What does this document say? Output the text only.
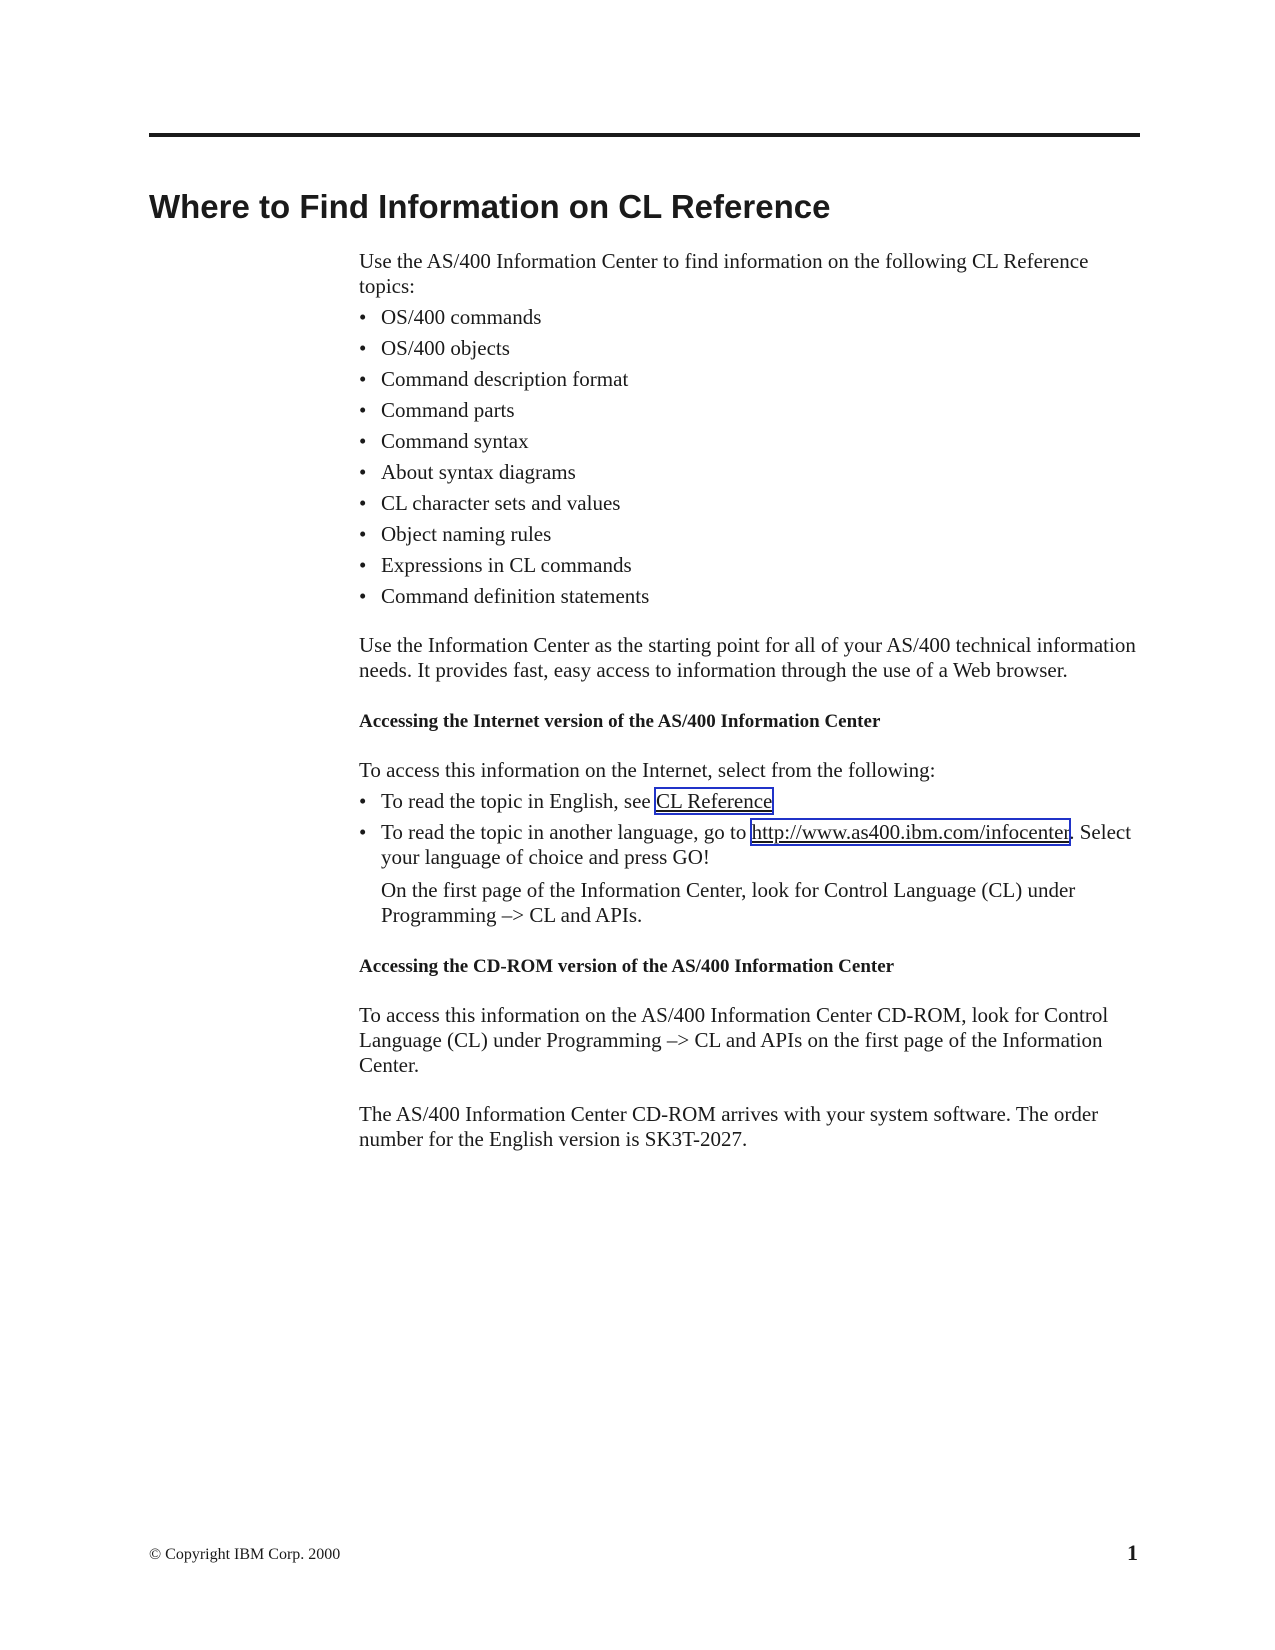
Where to Find Information on CL Reference

Use the AS/400 Information Center to find information on the following CL Reference topics:

• OS/400 commands
• OS/400 objects
• Command description format
• Command parts
• Command syntax
• About syntax diagrams
• CL character sets and values
• Object naming rules
• Expressions in CL commands
• Command definition statements

Use the Information Center as the starting point for all of your AS/400 technical information needs. It provides fast, easy access to information through the use of a Web browser.

Accessing the Internet version of the AS/400 Information Center

To access this information on the Internet, select from the following:

• To read the topic in English, see CL Reference
• To read the topic in another language, go to http://www.as400.ibm.com/infocenter. Select your language of choice and press GO!
On the first page of the Information Center, look for Control Language (CL) under Programming –> CL and APIs.

Accessing the CD-ROM version of the AS/400 Information Center

To access this information on the AS/400 Information Center CD-ROM, look for Control Language (CL) under Programming –> CL and APIs on the first page of the Information Center.

The AS/400 Information Center CD-ROM arrives with your system software. The order number for the English version is SK3T-2027.

© Copyright IBM Corp. 2000	1
